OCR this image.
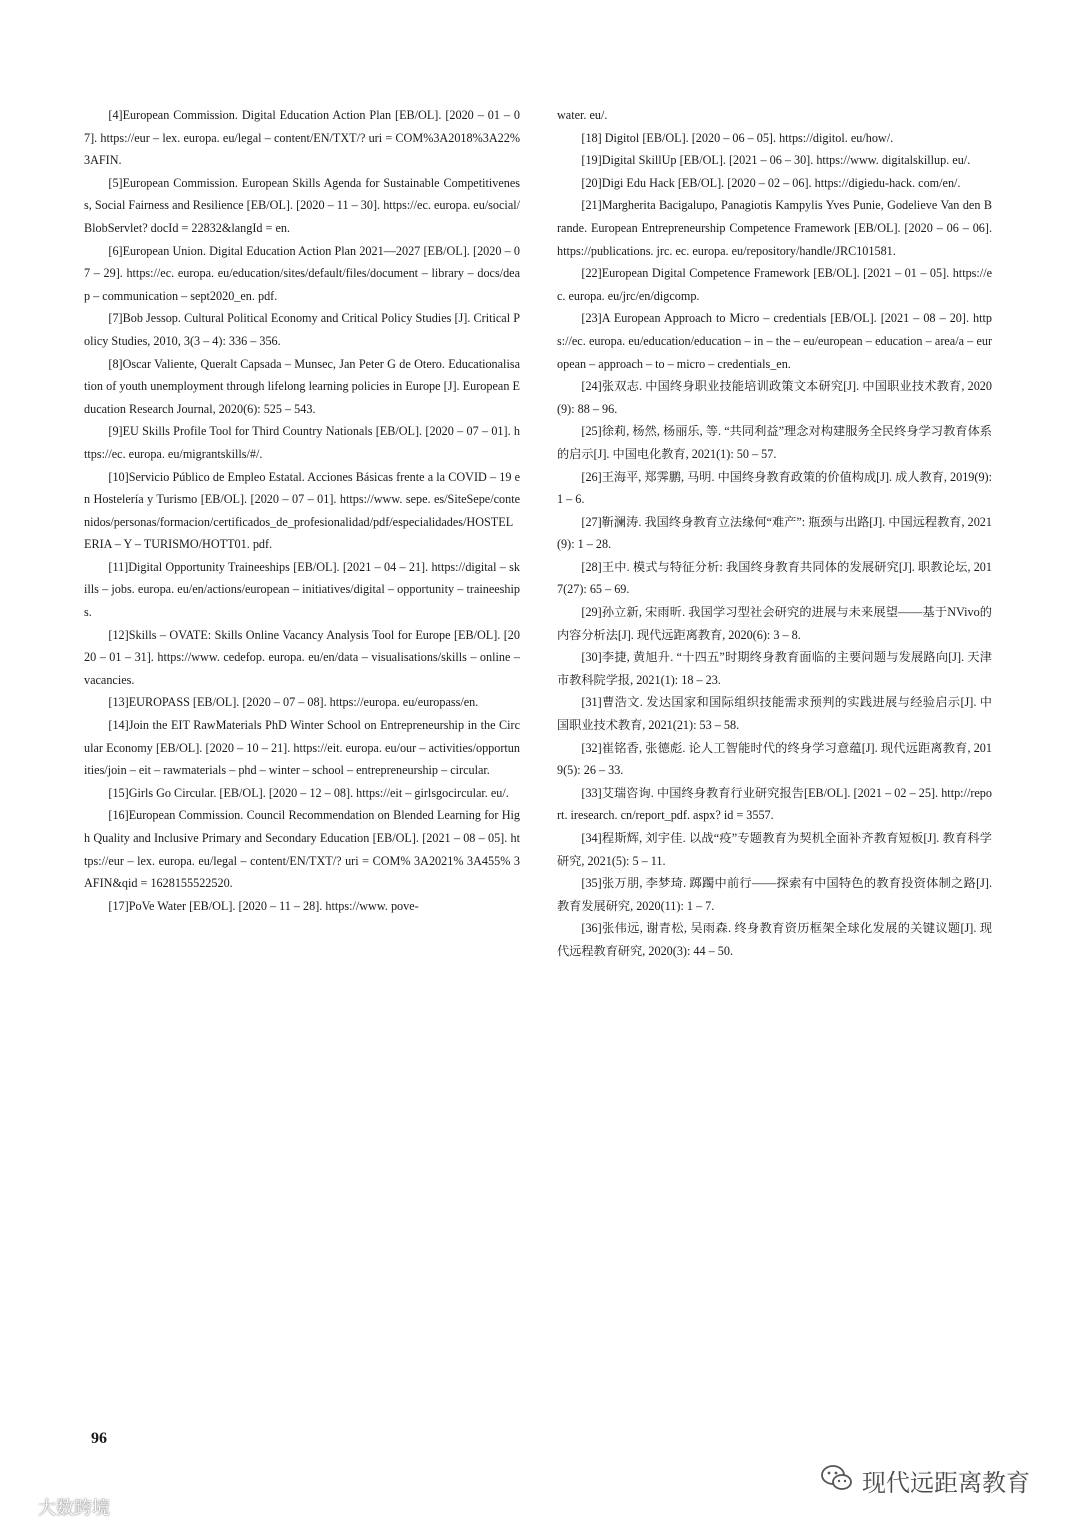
[4]European Commission. Digital Education Action Plan [EB/OL]. [2020 – 01 – 07]. https://eur – lex. europa. eu/legal – content/EN/TXT/? uri = COM%3A2018%3A22%3AFIN.

[5]European Commission. European Skills Agenda for Sustainable Competitiveness, Social Fairness and Resilience [EB/OL]. [2020 – 11 – 30]. https://ec. europa. eu/social/BlobServlet? docId = 22832&langId = en.

[6]European Union. Digital Education Action Plan 2021—2027 [EB/OL]. [2020 – 07 – 29]. https://ec. europa. eu/education/sites/default/files/document – library – docs/deap – communication – sept2020_en. pdf.

[7]Bob Jessop. Cultural Political Economy and Critical Policy Studies [J]. Critical Policy Studies, 2010, 3(3 – 4): 336 – 356.

[8]Oscar Valiente, Queralt Capsada – Munsec, Jan Peter G de Otero. Educationalisation of youth unemployment through lifelong learning policies in Europe [J]. European Education Research Journal, 2020(6): 525 – 543.

[9]EU Skills Profile Tool for Third Country Nationals [EB/OL]. [2020 – 07 – 01]. https://ec. europa. eu/migrantskills/#/.

[10]Servicio Público de Empleo Estatal. Acciones Básicas frente a la COVID – 19 en Hostelería y Turismo [EB/OL]. [2020 – 07 – 01]. https://www. sepe. es/SiteSepe/contenidos/personas/formacion/certificados_de_profesionalidad/pdf/especialidades/HOSTELERIA – Y – TURISMO/HOTT01. pdf.

[11]Digital Opportunity Traineeships [EB/OL]. [2021 – 04 – 21]. https://digital – skills – jobs. europa. eu/en/actions/european – initiatives/digital – opportunity – traineeships.

[12]Skills – OVATE: Skills Online Vacancy Analysis Tool for Europe [EB/OL]. [2020 – 01 – 31]. https://www. cedefop. europa. eu/en/data – visualisations/skills – online – vacancies.

[13]EUROPASS [EB/OL]. [2020 – 07 – 08]. https://europa. eu/europass/en.

[14]Join the EIT RawMaterials PhD Winter School on Entrepreneurship in the Circular Economy [EB/OL]. [2020 – 10 – 21]. https://eit. europa. eu/our – activities/opportunities/join – eit – rawmaterials – phd – winter – school – entrepreneurship – circular.

[15]Girls Go Circular. [EB/OL]. [2020 – 12 – 08]. https://eit – girlsgocircular. eu/.

[16]European Commission. Council Recommendation on Blended Learning for High Quality and Inclusive Primary and Secondary Education [EB/OL]. [2021 – 08 – 05]. https://eur – lex. europa. eu/legal – content/EN/TXT/? uri = COM% 3A2021% 3A455% 3AFIN&qid = 1628155522520.

[17]PoVe Water [EB/OL]. [2020 – 11 – 28]. https://www. pove-

water. eu/.

[18] Digitol [EB/OL]. [2020 – 06 – 05]. https://digitol. eu/how/.

[19]Digital SkillUp [EB/OL]. [2021 – 06 – 30]. https://www. digitalskillup. eu/.

[20]Digi Edu Hack [EB/OL]. [2020 – 02 – 06]. https://digiedu-hack. com/en/.

[21]Margherita Bacigalupo, Panagiotis Kampylis Yves Punie, Godelieve Van den Brande. European Entrepreneurship Competence Framework [EB/OL]. [2020 – 06 – 06]. https://publications. jrc. ec. europa. eu/repository/handle/JRC101581.

[22]European Digital Competence Framework [EB/OL]. [2021 – 01 – 05]. https://ec. europa. eu/jrc/en/digcomp.

[23]A European Approach to Micro – credentials [EB/OL]. [2021 – 08 – 20]. https://ec. europa. eu/education/education – in – the – eu/european – education – area/a – european – approach – to – micro – credentials_en.

[24]张双志. 中国终身职业技能培训政策文本研究[J]. 中国职业技术教育, 2020(9): 88 – 96.

[25]徐莉, 杨然, 杨丽乐, 等. “共同利益”理念对构建服务全民终身学习教育体系的启示[J]. 中国电化教育, 2021(1): 50 – 57.

[26]王海平, 郑霁鹏, 马明. 中国终身教育政策的价值构成[J]. 成人教育, 2019(9): 1 – 6.

[27]靳澜涛. 我国终身教育立法缘何“难产”: 瓶颈与出路[J]. 中国远程教育, 2021(9): 1 – 28.

[28]王中. 模式与特征分析: 我国终身教育共同体的发展研究[J]. 职教论坛, 2017(27): 65 – 69.

[29]孙立新, 宋雨昕. 我国学习型社会研究的进展与未来展望——基于NVivo的内容分析法[J]. 现代远距离教育, 2020(6): 3 – 8.

[30]李捷, 黄旭升. “十四五”时期终身教育面临的主要问题与发展路向[J]. 天津市教科院学报, 2021(1): 18 – 23.

[31]曹浩文. 发达国家和国际组织技能需求预判的实践进展与经验启示[J]. 中国职业技术教育, 2021(21): 53 – 58.

[32]崔铭香, 张德彪. 论人工智能时代的终身学习意蕴[J]. 现代远距离教育, 2019(5): 26 – 33.

[33]艾瑞咨询. 中国终身教育行业研究报告[EB/OL]. [2021 – 02 – 25]. http://report. iresearch. cn/report_pdf. aspx? id = 3557.

[34]程斯辉, 刘宇佳. 以战“疫”专题教育为契机全面补齐教育短板[J]. 教育科学研究, 2021(5): 5 – 11.

[35]张万朋, 李梦琦. 踯躅中前行——探索有中国特色的教育投资体制之路[J]. 教育发展研究, 2020(11): 1 – 7.

[36]张伟远, 谢青松, 吴雨森. 终身教育资历框架全球化发展的关键议题[J]. 现代远程教育研究, 2020(3): 44 – 50.

96
大数跨境
现代远距离教育
